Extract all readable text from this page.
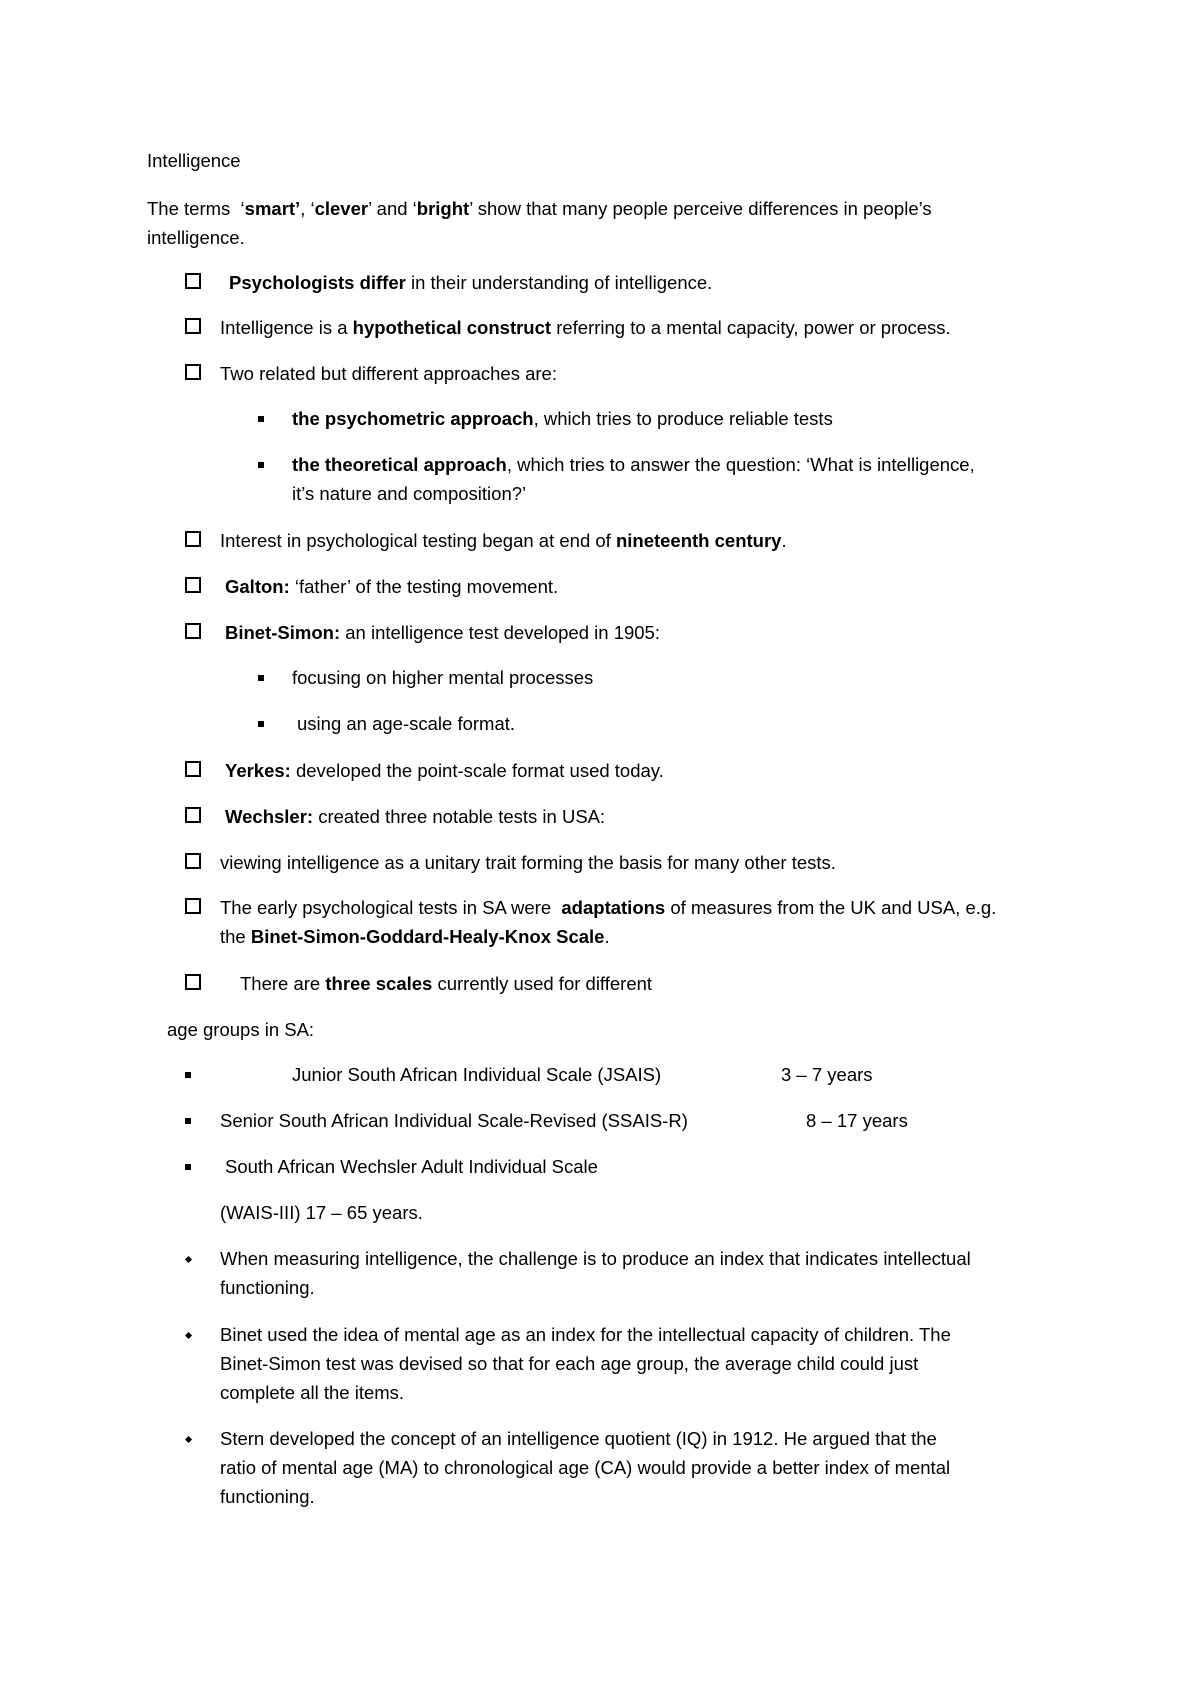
Intelligence
The terms  ‘smart’, ‘clever’ and ‘bright’ show that many people perceive differences in people’s
intelligence.
Psychologists differ in their understanding of intelligence.
Intelligence is a hypothetical construct referring to a mental capacity, power or process.
Two related but different approaches are:
the psychometric approach, which tries to produce reliable tests
the theoretical approach, which tries to answer the question: ‘What is intelligence,
it’s nature and composition?’
Interest in psychological testing began at end of nineteenth century.
Galton: ‘father’ of the testing movement.
Binet-Simon: an intelligence test developed in 1905:
focusing on higher mental processes
using an age-scale format.
Yerkes: developed the point-scale format used today.
Wechsler: created three notable tests in USA:
viewing intelligence as a unitary trait forming the basis for many other tests.
The early psychological tests in SA were  adaptations of measures from the UK and USA, e.g.
the Binet-Simon-Goddard-Healy-Knox Scale.
There are three scales currently used for different
age groups in SA:
Junior South African Individual Scale (JSAIS)	3 – 7 years
Senior South African Individual Scale-Revised (SSAIS-R)	8 – 17 years
South African Wechsler Adult Individual Scale
(WAIS-III) 17 – 65 years.
When measuring intelligence, the challenge is to produce an index that indicates intellectual
functioning.
Binet used the idea of mental age as an index for the intellectual capacity of children. The
Binet-Simon test was devised so that for each age group, the average child could just
complete all the items.
Stern developed the concept of an intelligence quotient (IQ) in 1912. He argued that the
ratio of mental age (MA) to chronological age (CA) would provide a better index of mental
functioning.
